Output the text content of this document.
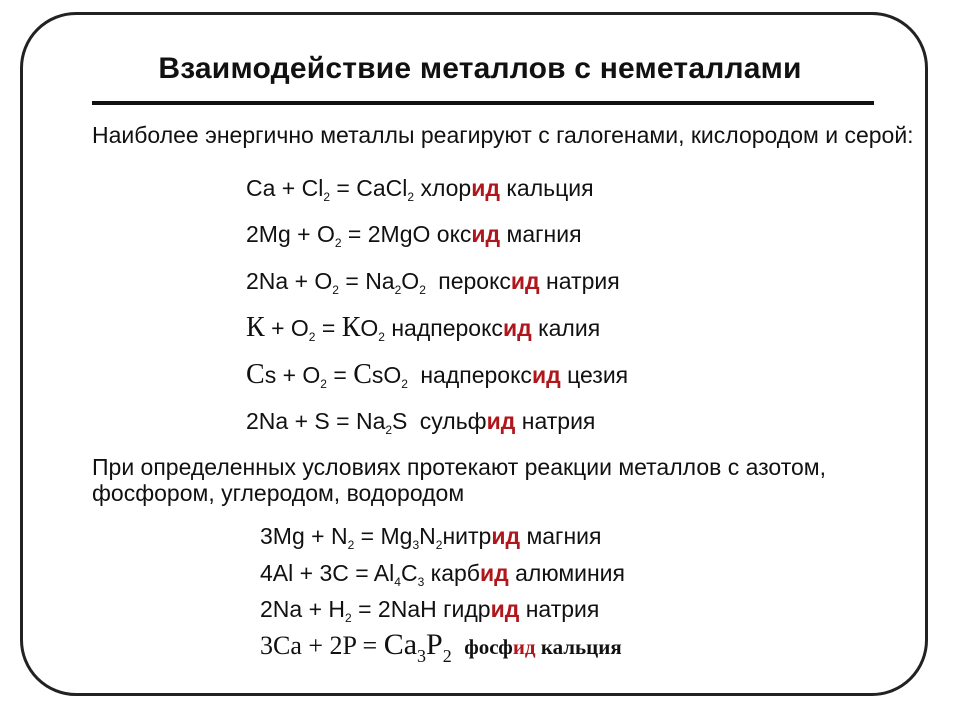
Взаимодействие металлов с неметаллами
Наиболее энергично металлы реагируют с галогенами, кислородом и серой:
$Ca + Cl_2$ = CaCl$_2$ хлорид кальция
$2Mg + O_2 = 2MgO$ оксид магния
$2Na + O_2 = Na_2O_2$ пероксид натрия
$К + O_2 = КO_2$ надпероксид калия
$Cs + O_2 = CsO_2$ надпероксид цезия
$2Na + S = Na_2S$ сульфид натрия
При определенных условиях протекают реакции металлов с азотом, фосфором, углеродом, водородом
$3Mg + N_2$ = $Mg_3N_2нитрид$ магния
$4Al + 3C = Al_4C_3$ карбид алюминия
$2Na + H_2 = 2NaH$ гидрид натрия
$3Ca + 2P = Ca_3P_2$ фосфид кальция
